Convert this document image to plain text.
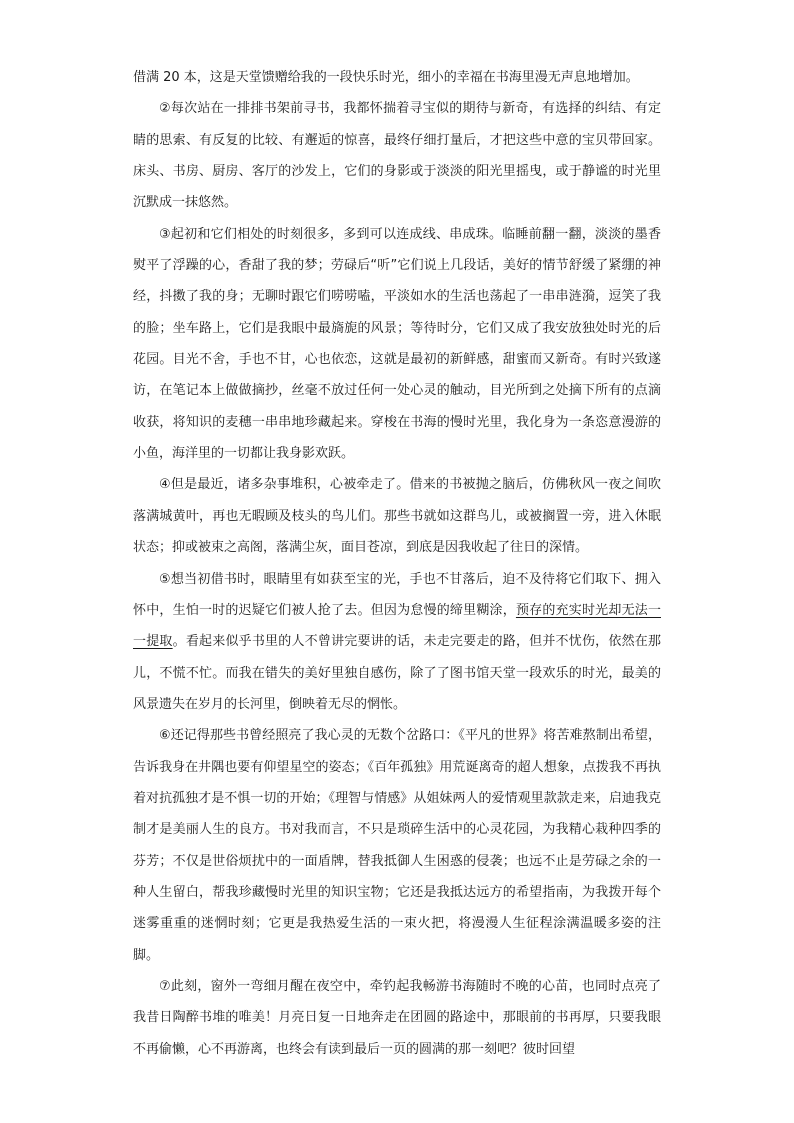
借满 20 本，这是天堂馈赠给我的一段快乐时光，细小的幸福在书海里漫无声息地增加。

②每次站在一排排书架前寻书，我都怀揣着寻宝似的期待与新奇，有选择的纠结、有定睛的思索、有反复的比较、有邂逅的惊喜，最终仔细打量后，才把这些中意的宝贝带回家。床头、书房、厨房、客厅的沙发上，它们的身影或于淡淡的阳光里摇曳，或于静谧的时光里沉默成一抹悠然。

③起初和它们相处的时刻很多，多到可以连成线、串成珠。临睡前翻一翻，淡淡的墨香熨平了浮躁的心，香甜了我的梦；劳碌后“听”它们说上几段话，美好的情节舒缓了紧绷的神经，抖擞了我的身；无聊时跟它们唠唠嗑，平淡如水的生活也荡起了一串串涟漪，逗笑了我的脸；坐车路上，它们是我眼中最旖旎的风景；等待时分，它们又成了我安放独处时光的后花园。目光不舍，手也不甘，心也依恋，这就是最初的新鲜感，甜蜜而又新奇。有时兴致遂访，在笔记本上做做摘抄，丝毫不放过任何一处心灵的触动，目光所到之处摘下所有的点滴收获，将知识的麦穗一串串地珍藏起来。穿梭在书海的慢时光里，我化身为一条恣意漫游的小鱼，海洋里的一切都让我身影欢跃。

④但是最近，诸多杂事堆积，心被牵走了。借来的书被抛之脑后，仿佛秋风一夜之间吹落满城黄叶，再也无暇顾及枝头的鸟儿们。那些书就如这群鸟儿，或被搁置一旁，进入休眠状态；抑或被束之高阁，落满尘灰，面目苍凉，到底是因我收起了往日的深情。

⑤想当初借书时，眼睛里有如获至宝的光，手也不甘落后，迫不及待将它们取下、拥入怀中，生怕一时的迟疑它们被人抢了去。但因为怠慢的缔里糊涂，预存的充实时光却无法一一提取。看起来似乎书里的人不曾讲完要讲的话，未走完要走的路，但并不忧伤，依然在那儿，不慌不忙。而我在错失的美好里独自感伤，除了了图书馆天堂一段欢乐的时光，最美的风景遗失在岁月的长河里，倒映着无尽的惘怅。

⑥还记得那些书曾经照亮了我心灵的无数个岔路口：《平凡的世界》将苦难熬制出希望，告诉我身在井隅也要有仰望星空的姿态；《百年孤独》用荒诞离奇的超人想象，点拨我不再执着对抗孤独才是不惧一切的开始；《理智与情感》从姐妹两人的爱情观里款款走来，启迪我克制才是美丽人生的良方。书对我而言，不只是琐碎生活中的心灵花园，为我精心栽种四季的芬芳；不仅是世俗烦扰中的一面盾牌，替我抵御人生困惑的侵袭；也远不止是劳碌之余的一种人生留白，帮我珍藏慢时光里的知识宝物；它还是我抵达远方的希望指南，为我拨开每个迷雾重重的迷惘时刻；它更是我热爱生活的一束火把，将漫漫人生征程涂满温暖多姿的注脚。

⑦此刻，窗外一弯细月醒在夜空中，牵钓起我畅游书海随时不晚的心苗，也同时点亮了我昔日陶醉书堆的唯美！月亮日复一日地奔走在团圆的路途中，那眼前的书再厚，只要我眼不再偷懒，心不再游离，也终会有读到最后一页的圆满的那一刻吧？彼时回望
